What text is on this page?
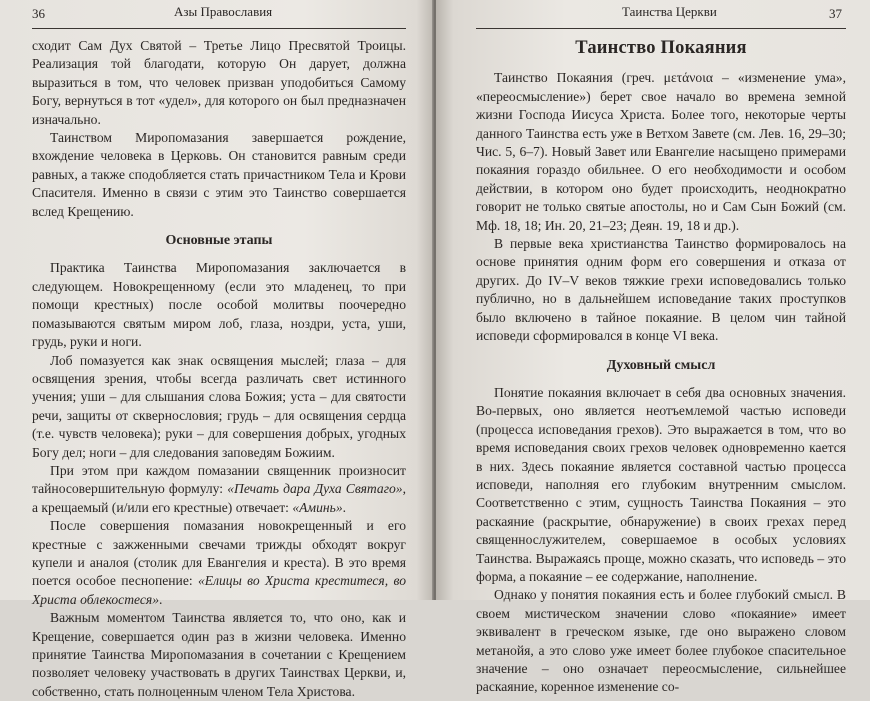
36	Азы Православия

сходит Сам Дух Святой – Третье Лицо Пресвятой Троицы. Реализация той благодати, которую Он дарует, должна выразиться в том, что человек призван уподобиться Самому Богу, вернуться в тот «удел», для которого он был предназначен изначально.

Таинством Миропомазания завершается рождение, вхождение человека в Церковь. Он становится равным среди равных, а также сподобляется стать причастником Тела и Крови Спасителя. Именно в связи с этим это Таинство совершается вслед Крещению.

Основные этапы

Практика Таинства Миропомазания заключается в следующем. Новокрещенному (если это младенец, то при помощи крестных) после особой молитвы поочередно помазываются святым миром лоб, глаза, ноздри, уста, уши, грудь, руки и ноги.

Лоб помазуется как знак освящения мыслей; глаза – для освящения зрения, чтобы всегда различать свет истинного учения; уши – для слышания слова Божия; уста – для святости речи, защиты от сквернословия; грудь – для освящения сердца (т.е. чувств человека); руки – для совершения добрых, угодных Богу дел; ноги – для следования заповедям Божиим.

При этом при каждом помазании священник произносит тайносовершительную формулу: «Печать дара Духа Святаго», а крещаемый (и/или его крестные) отвечает: «Аминь».

После совершения помазания новокрещенный и его крестные с зажженными свечами трижды обходят вокруг купели и аналоя (столик для Евангелия и креста). В это время поется особое песнопение: «Елицы во Христа креститеся, во Христа облекостеся».

Важным моментом Таинства является то, что оно, как и Крещение, совершается один раз в жизни человека. Именно принятие Таинства Миропомазания в сочетании с Крещением позволяет человеку участвовать в других Таинствах Церкви, и, собственно, стать полноценным членом Тела Христова.

Таинства Церкви	37
Таинство Покаяния

Таинство Покаяния (греч. μετάνοια – «изменение ума», «переосмысление») берет свое начало во времена земной жизни Господа Иисуса Христа. Более того, некоторые черты данного Таинства есть уже в Ветхом Завете (см. Лев. 16, 29–30; Чис. 5, 6–7). Новый Завет или Евангелие насыщено примерами покаяния гораздо обильнее. О его необходимости и особом действии, в котором оно будет происходить, неоднократно говорит не только святые апостолы, но и Сам Сын Божий (см. Мф. 18, 18; Ин. 20, 21–23; Деян. 19, 18 и др.).

В первые века христианства Таинство формировалось на основе принятия одним форм его совершения и отказа от других. До IV–V веков тяжкие грехи исповедовались только публично, но в дальнейшем исповедание таких проступков было включено в тайное покаяние. В целом чин тайной исповеди сформировался в конце VI века.

Духовный смысл

Понятие покаяния включает в себя два основных значения. Во-первых, оно является неотъемлемой частью исповеди (процесса исповедания грехов). Это выражается в том, что во время исповедания своих грехов человек одновременно кается в них. Здесь покаяние является составной частью процесса исповеди, наполняя его глубоким внутренним смыслом. Соответственно с этим, сущность Таинства Покаяния – это раскаяние (раскрытие, обнаружение) в своих грехах перед священнослужителем, совершаемое в особых условиях Таинства. Выражаясь проще, можно сказать, что исповедь – это форма, а покаяние – ее содержание, наполнение.

Однако у понятия покаяния есть и более глубокий смысл. В своем мистическом значении слово «покаяние» имеет эквивалент в греческом языке, где оно выражено словом метанойя, а это слово уже имеет более глубокое спасительное значение – оно означает переосмысление, сильнейшее раскаяние, коренное изменение со-
